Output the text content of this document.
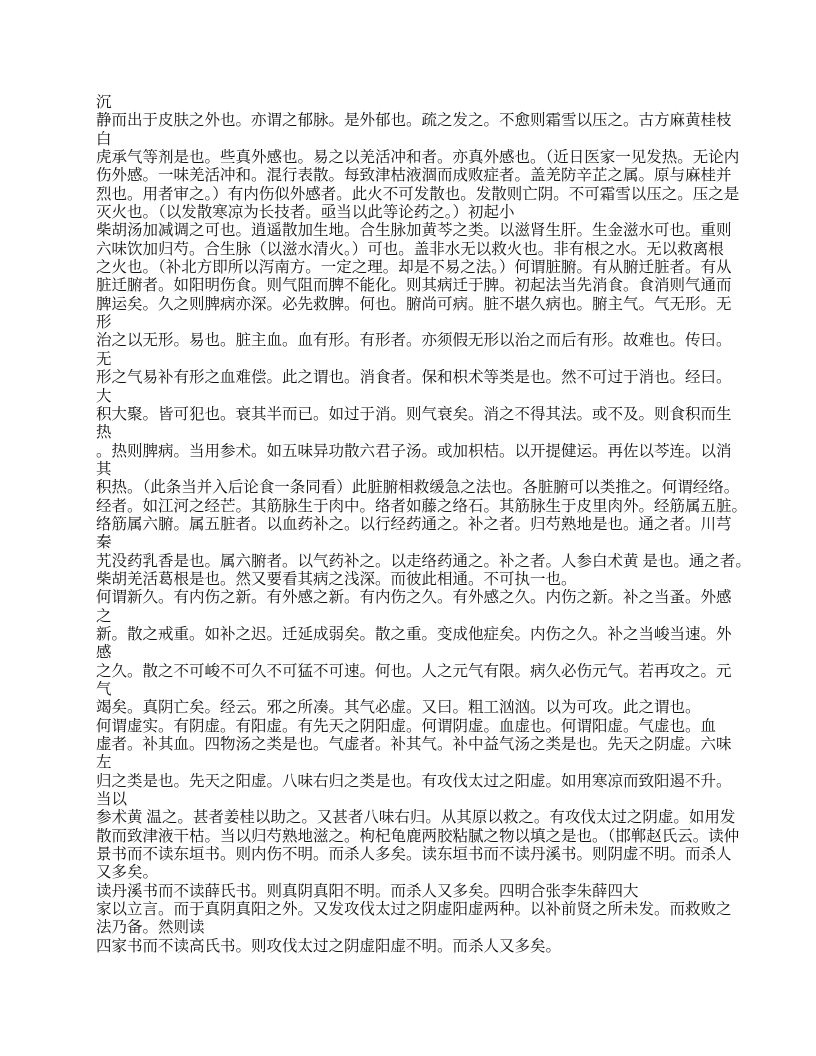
沉
静而出于皮肤之外也。亦谓之郁脉。是外郁也。疏之发之。不愈则霜雪以压之。古方麻黄桂枝
白
虎承气等剂是也。些真外感也。易之以羌活冲和者。亦真外感也。（近日医家一见发热。无论内
伤外感。一味羌活冲和。混行表散。每致津枯液涸而成败症者。盖羌防辛芷之属。原与麻桂并
烈也。用者审之。）有内伤似外感者。此火不可发散也。发散则亡阴。不可霜雪以压之。压之是
灭火也。（以发散寒凉为长技者。亟当以此等论药之。）初起小
柴胡汤加减调之可也。逍遥散加生地。合生脉加黄芩之类。以滋肾生肝。生金滋水可也。重则
六味饮加归芍。合生脉（以滋水清火。）可也。盖非水无以救火也。非有根之水。无以救离根
之火也。（补北方即所以泻南方。一定之理。却是不易之法。）何谓脏腑。有从腑迁脏者。有从
脏迁腑者。如阳明伤食。则气阻而脾不能化。则其病迁于脾。初起法当先消食。食消则气通而
脾运矣。久之则脾病亦深。必先救脾。何也。腑尚可病。脏不堪久病也。腑主气。气无形。无
形
治之以无形。易也。脏主血。血有形。有形者。亦须假无形以治之而后有形。故难也。传曰。
无
形之气易补有形之血难偿。此之谓也。消食者。保和枳术等类是也。然不可过于消也。经曰。
大
积大聚。皆可犯也。衰其半而已。如过于消。则气衰矣。消之不得其法。或不及。则食积而生
热
。热则脾病。当用参术。如五味异功散六君子汤。或加枳桔。以开提健运。再佐以芩连。以消
其
积热。（此条当并入后论食一条同看）此脏腑相救缓急之法也。各脏腑可以类推之。何谓经络。
经者。如江河之经芒。其筋脉生于肉中。络者如藤之络石。其筋脉生于皮里肉外。经筋属五脏。
络筋属六腑。属五脏者。以血药补之。以行经药通之。补之者。归芍熟地是也。通之者。川芎
秦
艽没药乳香是也。属六腑者。以气药补之。以走络药通之。补之者。人参白术黄 是也。通之者。
柴胡羌活葛根是也。然又要看其病之浅深。而彼此相通。不可执一也。
何谓新久。有内伤之新。有外感之新。有内伤之久。有外感之久。内伤之新。补之当蚤。外感
之
新。散之戒重。如补之迟。迁延成弱矣。散之重。变成他症矣。内伤之久。补之当峻当速。外
感
之久。散之不可峻不可久不可猛不可速。何也。人之元气有限。病久必伤元气。若再攻之。元
气
竭矣。真阴亡矣。经云。邪之所凑。其气必虚。又曰。粗工汹汹。以为可攻。此之谓也。
何谓虚实。有阴虚。有阳虚。有先天之阴阳虚。何谓阴虚。血虚也。何谓阳虚。气虚也。血
虚者。补其血。四物汤之类是也。气虚者。补其气。补中益气汤之类是也。先天之阴虚。六味
左
归之类是也。先天之阳虚。八味右归之类是也。有攻伐太过之阳虚。如用寒凉而致阳遏不升。
当以
参术黄 温之。甚者姜桂以助之。又甚者八味右归。从其原以救之。有攻伐太过之阴虚。如用发
散而致津液干枯。当以归芍熟地滋之。枸杞龟鹿两胶粘腻之物以填之是也。（邯郸赵氏云。读仲
景书而不读东垣书。则内伤不明。而杀人多矣。读东垣书而不读丹溪书。则阴虚不明。而杀人
又多矣。
读丹溪书而不读薛氏书。则真阴真阳不明。而杀人又多矣。四明合张李朱薛四大
家以立言。而于真阴真阳之外。又发攻伐太过之阴虚阳虚两种。以补前贤之所未发。而救败之
法乃备。然则读
四家书而不读高氏书。则攻伐太过之阴虚阳虚不明。而杀人又多矣。
